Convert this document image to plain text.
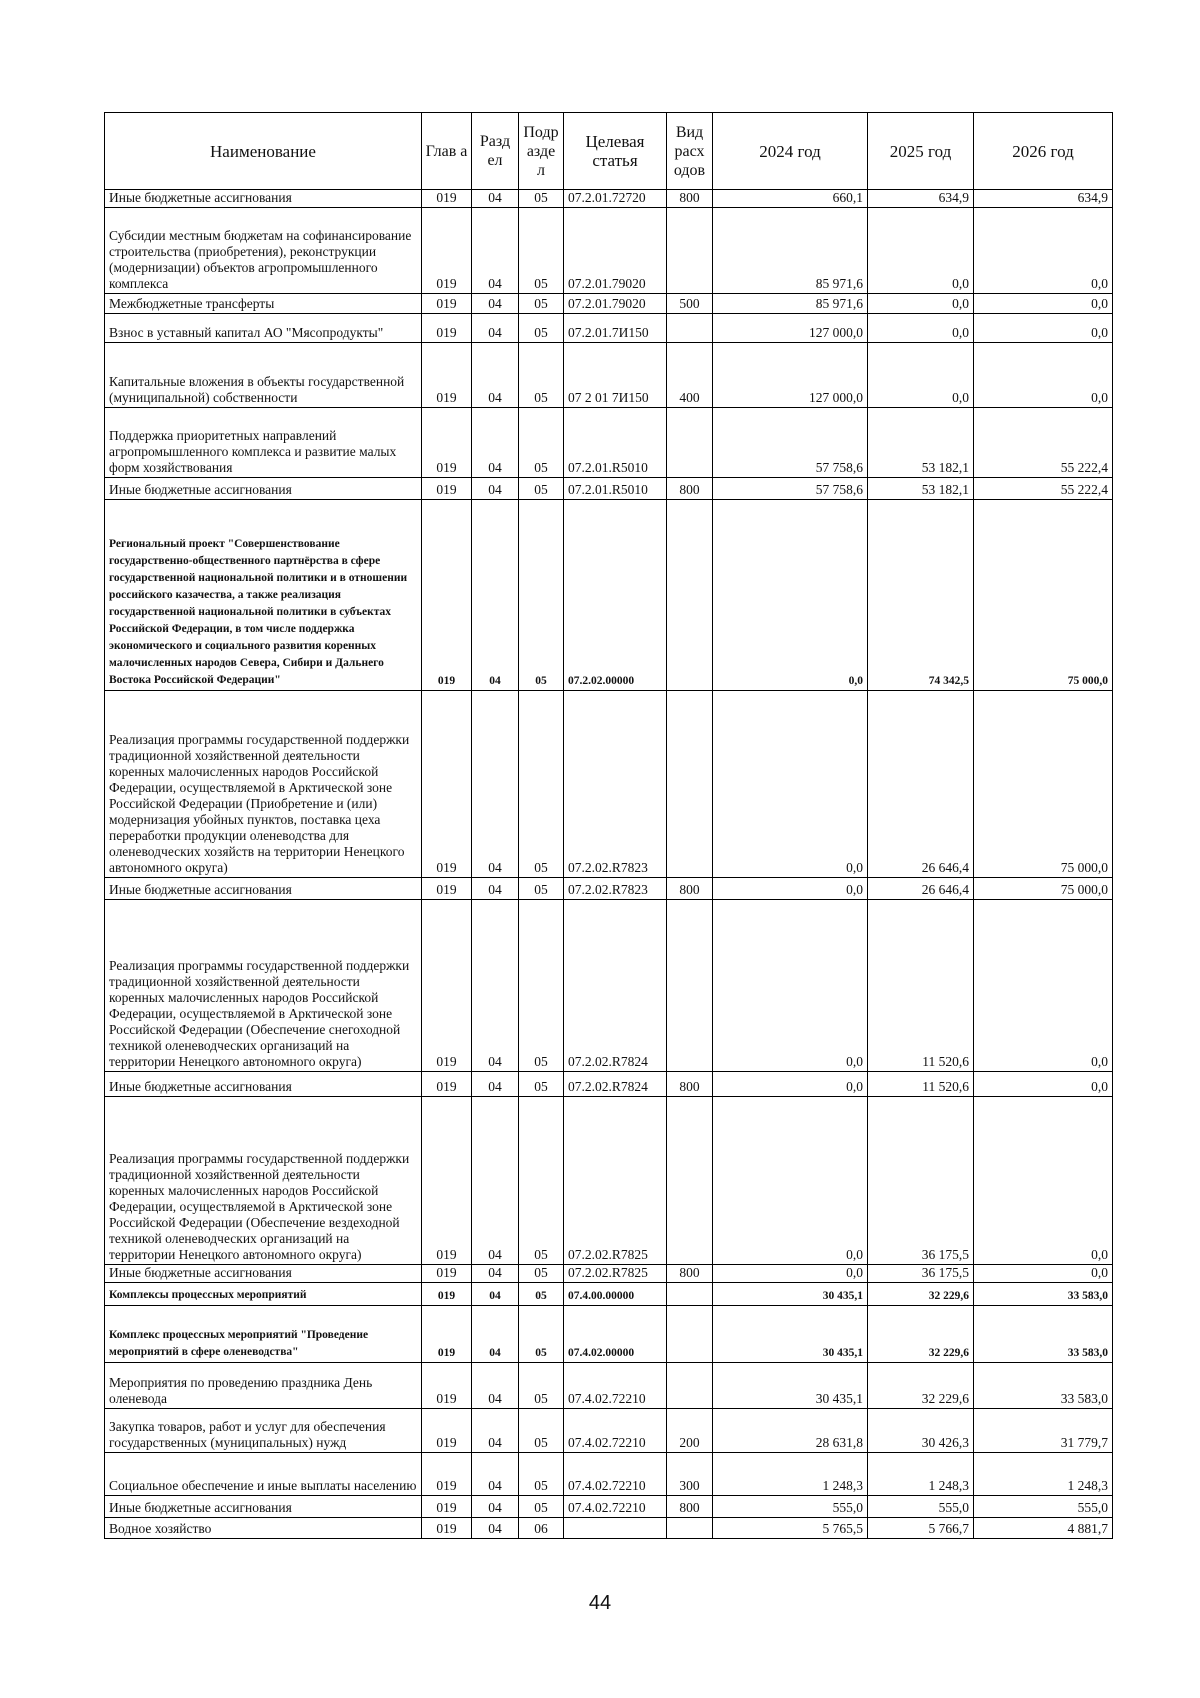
Наименование	Глав а	Разд ел	Подр азде л	Целевая статья	Вид расх одов	2024 год	2025 год	2026 год
Иные бюджетные ассигнования	019	04	05	07.2.01.72720	800	660,1	634,9	634,9
Субсидии местным бюджетам на софинансирование строительства (приобретения), реконструкции (модернизации) объектов агропромышленного комплекса	019	04	05	07.2.01.79020		85 971,6	0,0	0,0
Межбюджетные трансферты	019	04	05	07.2.01.79020	500	85 971,6	0,0	0,0
Взнос в уставный капитал АО "Мясопродукты"	019	04	05	07.2.01.7И150		127 000,0	0,0	0,0
Капитальные вложения в объекты государственной (муниципальной) собственности	019	04	05	07 2 01 7И150	400	127 000,0	0,0	0,0
Поддержка приоритетных направлений агропромышленного комплекса и развитие малых форм хозяйствования	019	04	05	07.2.01.R5010		57 758,6	53 182,1	55 222,4
Иные бюджетные ассигнования	019	04	05	07.2.01.R5010	800	57 758,6	53 182,1	55 222,4
Региональный проект "Совершенствование государственно-общественного партнёрства в сфере государственной национальной политики и в отношении российского казачества, а также реализация государственной национальной политики в субъектах Российской Федерации, в том числе поддержка экономического и социального развития коренных малочисленных народов Севера, Сибири и Дальнего Востока Российской Федерации"	019	04	05	07.2.02.00000		0,0	74 342,5	75 000,0
Реализация программы государственной поддержки традиционной хозяйственной деятельности коренных малочисленных народов Российской Федерации, осуществляемой в Арктической зоне Российской Федерации (Приобретение и (или) модернизация убойных пунктов, поставка цеха переработки продукции оленеводства для оленеводческих хозяйств на территории Ненецкого автономного округа)	019	04	05	07.2.02.R7823		0,0	26 646,4	75 000,0
Иные бюджетные ассигнования	019	04	05	07.2.02.R7823	800	0,0	26 646,4	75 000,0
Реализация программы государственной поддержки традиционной хозяйственной деятельности коренных малочисленных народов Российской Федерации, осуществляемой в Арктической зоне Российской Федерации (Обеспечение снегоходной техникой оленеводческих организаций на территории Ненецкого автономного округа)	019	04	05	07.2.02.R7824		0,0	11 520,6	0,0
Иные бюджетные ассигнования	019	04	05	07.2.02.R7824	800	0,0	11 520,6	0,0
Реализация программы государственной поддержки традиционной хозяйственной деятельности коренных малочисленных народов Российской Федерации, осуществляемой в Арктической зоне Российской Федерации (Обеспечение вездеходной техникой оленеводческих организаций на территории Ненецкого автономного округа)	019	04	05	07.2.02.R7825		0,0	36 175,5	0,0
Иные бюджетные ассигнования	019	04	05	07.2.02.R7825	800	0,0	36 175,5	0,0
Комплексы процессных мероприятий	019	04	05	07.4.00.00000		30 435,1	32 229,6	33 583,0
Комплекс процессных мероприятий "Проведение мероприятий в сфере оленеводства"	019	04	05	07.4.02.00000		30 435,1	32 229,6	33 583,0
Мероприятия по проведению праздника День оленевода	019	04	05	07.4.02.72210		30 435,1	32 229,6	33 583,0
Закупка товаров, работ и услуг для обеспечения государственных (муниципальных) нужд	019	04	05	07.4.02.72210	200	28 631,8	30 426,3	31 779,7
Социальное обеспечение и иные выплаты населению	019	04	05	07.4.02.72210	300	1 248,3	1 248,3	1 248,3
Иные бюджетные ассигнования	019	04	05	07.4.02.72210	800	555,0	555,0	555,0
Водное хозяйство	019	04	06			5 765,5	5 766,7	4 881,7
44
